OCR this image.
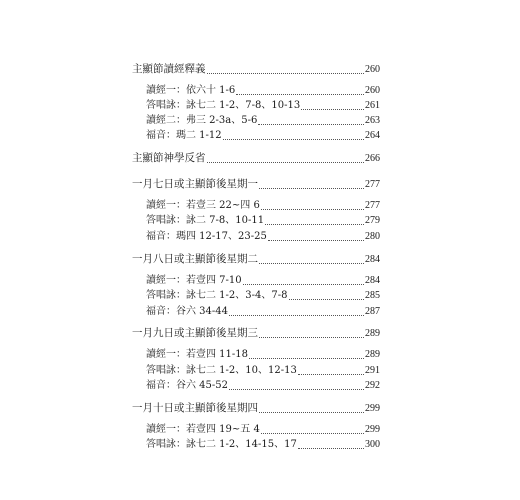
主顯節讀經釋義	260
讀經一：依六十 1-6	260
答唱詠：詠七二 1-2、7-8、10-13	261
讀經二：弗三 2-3a、5-6	263
福音：瑪二 1-12	264
主顯節神學反省	266
一月七日或主顯節後星期一	277
讀經一：若壹三 22~四 6	277
答唱詠：詠二 7-8、10-11	279
福音：瑪四 12-17、23-25	280
一月八日或主顯節後星期二	284
讀經一：若壹四 7-10	284
答唱詠：詠七二 1-2、3-4、7-8	285
福音：谷六 34-44	287
一月九日或主顯節後星期三	289
讀經一：若壹四 11-18	289
答唱詠：詠七二 1-2、10、12-13	291
福音：谷六 45-52	292
一月十日或主顯節後星期四	299
讀經一：若壹四 19~五 4	299
答唱詠：詠七二 1-2、14-15、17	300
